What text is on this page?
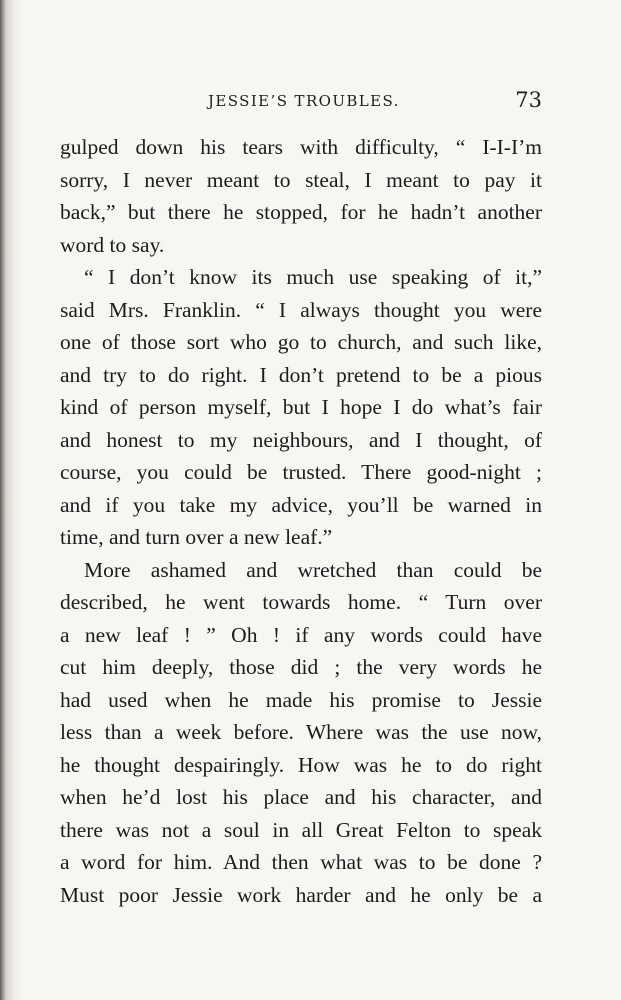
JESSIE’S TROUBLES.	73
gulped down his tears with difficulty, “ I-I-I’m
sorry, I never meant to steal, I meant to pay it
back,” but there he stopped, for he hadn’t another
word to say.
“ I don’t know its much use speaking of it,”
said Mrs. Franklin. “ I always thought you were
one of those sort who go to church, and such like,
and try to do right. I don’t pretend to be a pious
kind of person myself, but I hope I do what’s fair
and honest to my neighbours, and I thought, of
course, you could be trusted. There good-night ;
and if you take my advice, you’ll be warned in
time, and turn over a new leaf.”
More ashamed and wretched than could be
described, he went towards home. “ Turn over
a new leaf ! ” Oh ! if any words could have
cut him deeply, those did ; the very words he
had used when he made his promise to Jessie
less than a week before. Where was the use now,
he thought despairingly. How was he to do right
when he’d lost his place and his character, and
there was not a soul in all Great Felton to speak
a word for him. And then what was to be done ?
Must poor Jessie work harder and he only be a
